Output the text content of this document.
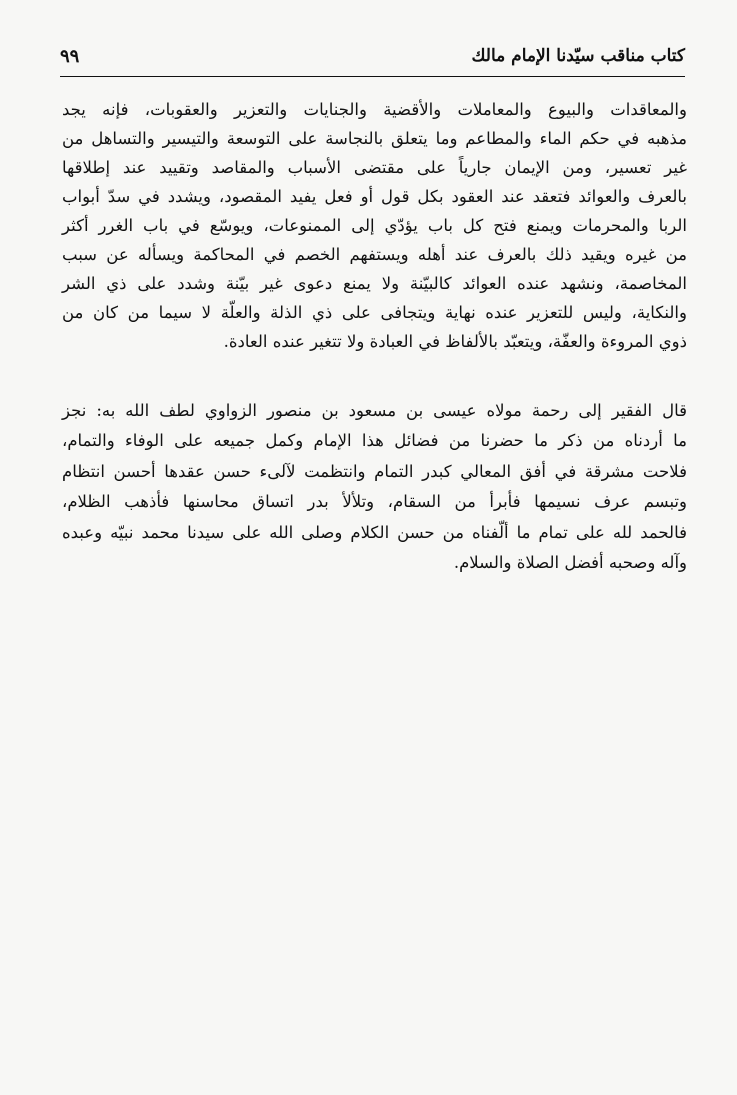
كتاب مناقب سيّدنا الإمام مالك
٩٩
والمعاقدات والبيوع والمعاملات والأقضية والجنايات والتعزير والعقوبات، فإنه يجد
مذهبه في حكم الماء والمطاعم وما يتعلق بالنجاسة على التوسعة والتيسير والتساهل من
غير تعسير، ومن الإيمان جارياً على مقتضى الأسباب والمقاصد وتقييد عند إطلاقها
بالعرف والعوائد فتعقد عند العقود بكل قول أو فعل يفيد المقصود، ويشدد في سدّ أبواب
الربا والمحرمات ويمنع فتح كل باب يؤدّي إلى الممنوعات، ويوسّع في باب الغرر أكثر
من غيره ويقيد ذلك بالعرف عند أهله ويستفهم الخصم في المحاكمة ويسأله عن سبب
المخاصمة، ونشهد عنده العوائد كالبيّنة ولا يمنع دعوى غير بيّنة وشدد على ذي الشر
والنكاية، وليس للتعزير عنده نهاية ويتجافى على ذي الذلة والعلّة لا سيما من كان من
ذوي المروءة والعفّة، ويتعبّد بالألفاظ في العبادة ولا تتغير عنده العادة.
قال الفقير إلى رحمة مولاه عيسى بن مسعود بن منصور الزواوي لطف الله به: نجز
ما أردناه من ذكر ما حضرنا من فضائل هذا الإمام وكمل جميعه على الوفاء والتمام،
فلاحت مشرقة في أفق المعالي كبدر التمام وانتظمت لآلىء حسن عقدها أحسن انتظام
وتبسم عرف نسيمها فأبرأ من السقام، وتلألأ بدر اتساق محاسنها فأذهب الظلام،
فالحمد لله على تمام ما ألّفناه من حسن الكلام وصلى الله على سيدنا محمد نبيّه وعبده
وآله وصحبه أفضل الصلاة والسلام.
